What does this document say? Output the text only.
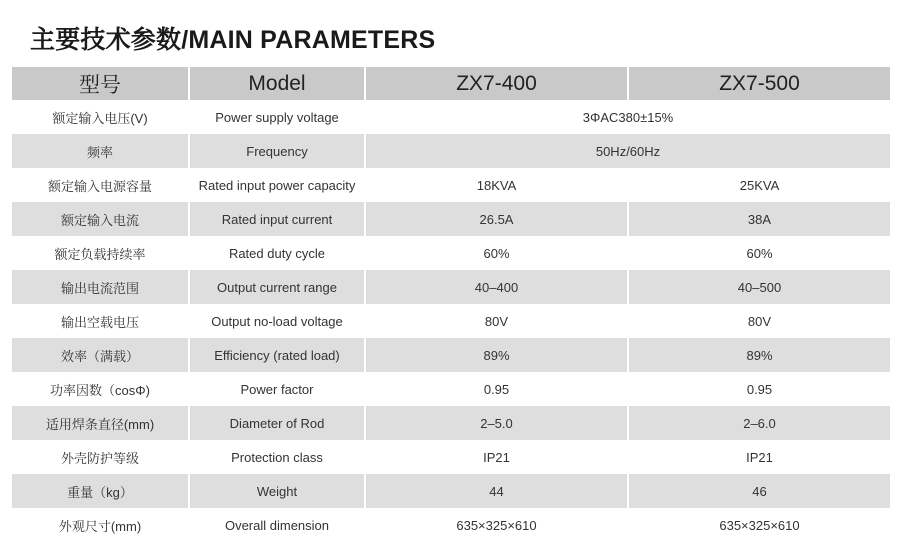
主要技术参数/MAIN PARAMETERS
型号	Model	ZX7-400	ZX7-500
额定输入电压(V)	Power supply voltage	3ΦAC380±15%	
频率	Frequency	50Hz/60Hz	
额定输入电源容量	Rated input power capacity	18KVA	25KVA
额定输入电流	Rated input current	26.5A	38A
额定负载持续率	Rated duty cycle	60%	60%
输出电流范围	Output current range	40–400	40–500
输出空载电压	Output no-load voltage	80V	80V
效率（满载）	Efficiency (rated load)	89%	89%
功率因数（cosΦ)	Power factor	0.95	0.95
适用焊条直径(mm)	Diameter of Rod	2–5.0	2–6.0
外壳防护等级	Protection class	IP21	IP21
重量（kg）	Weight	44	46
外观尺寸(mm)	Overall dimension	635×325×610	635×325×610
